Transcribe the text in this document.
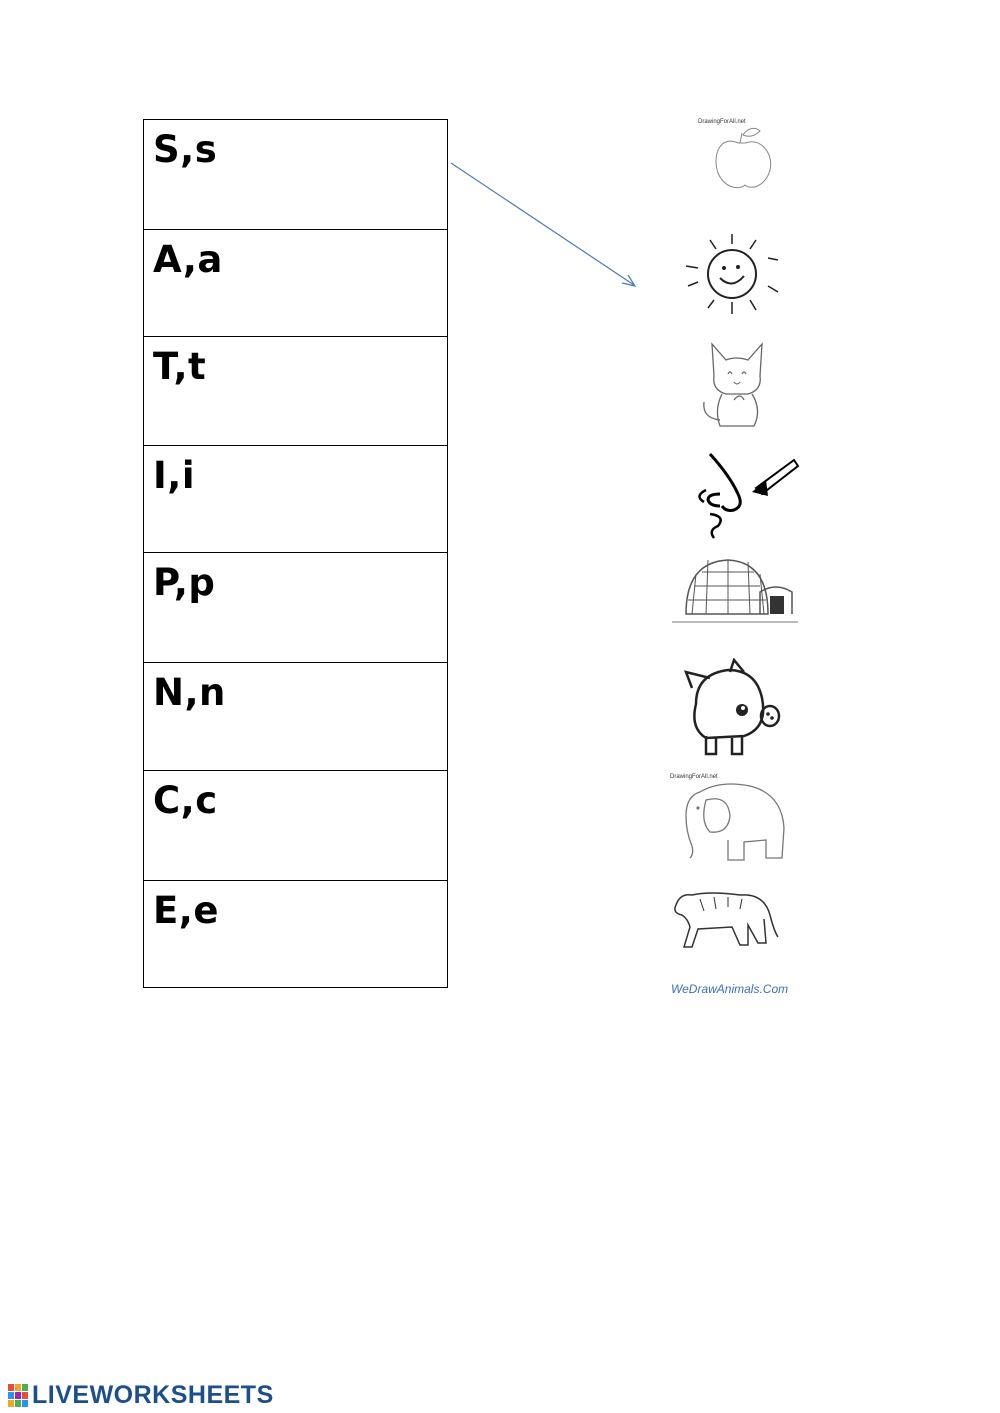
S,s
A,a
T,t
I,i
P,p
N,n
C,c
E,e
DrawingForAll.net
DrawingForAll.net
WeDrawAnimals.Com
LIVEWORKSHEETS
